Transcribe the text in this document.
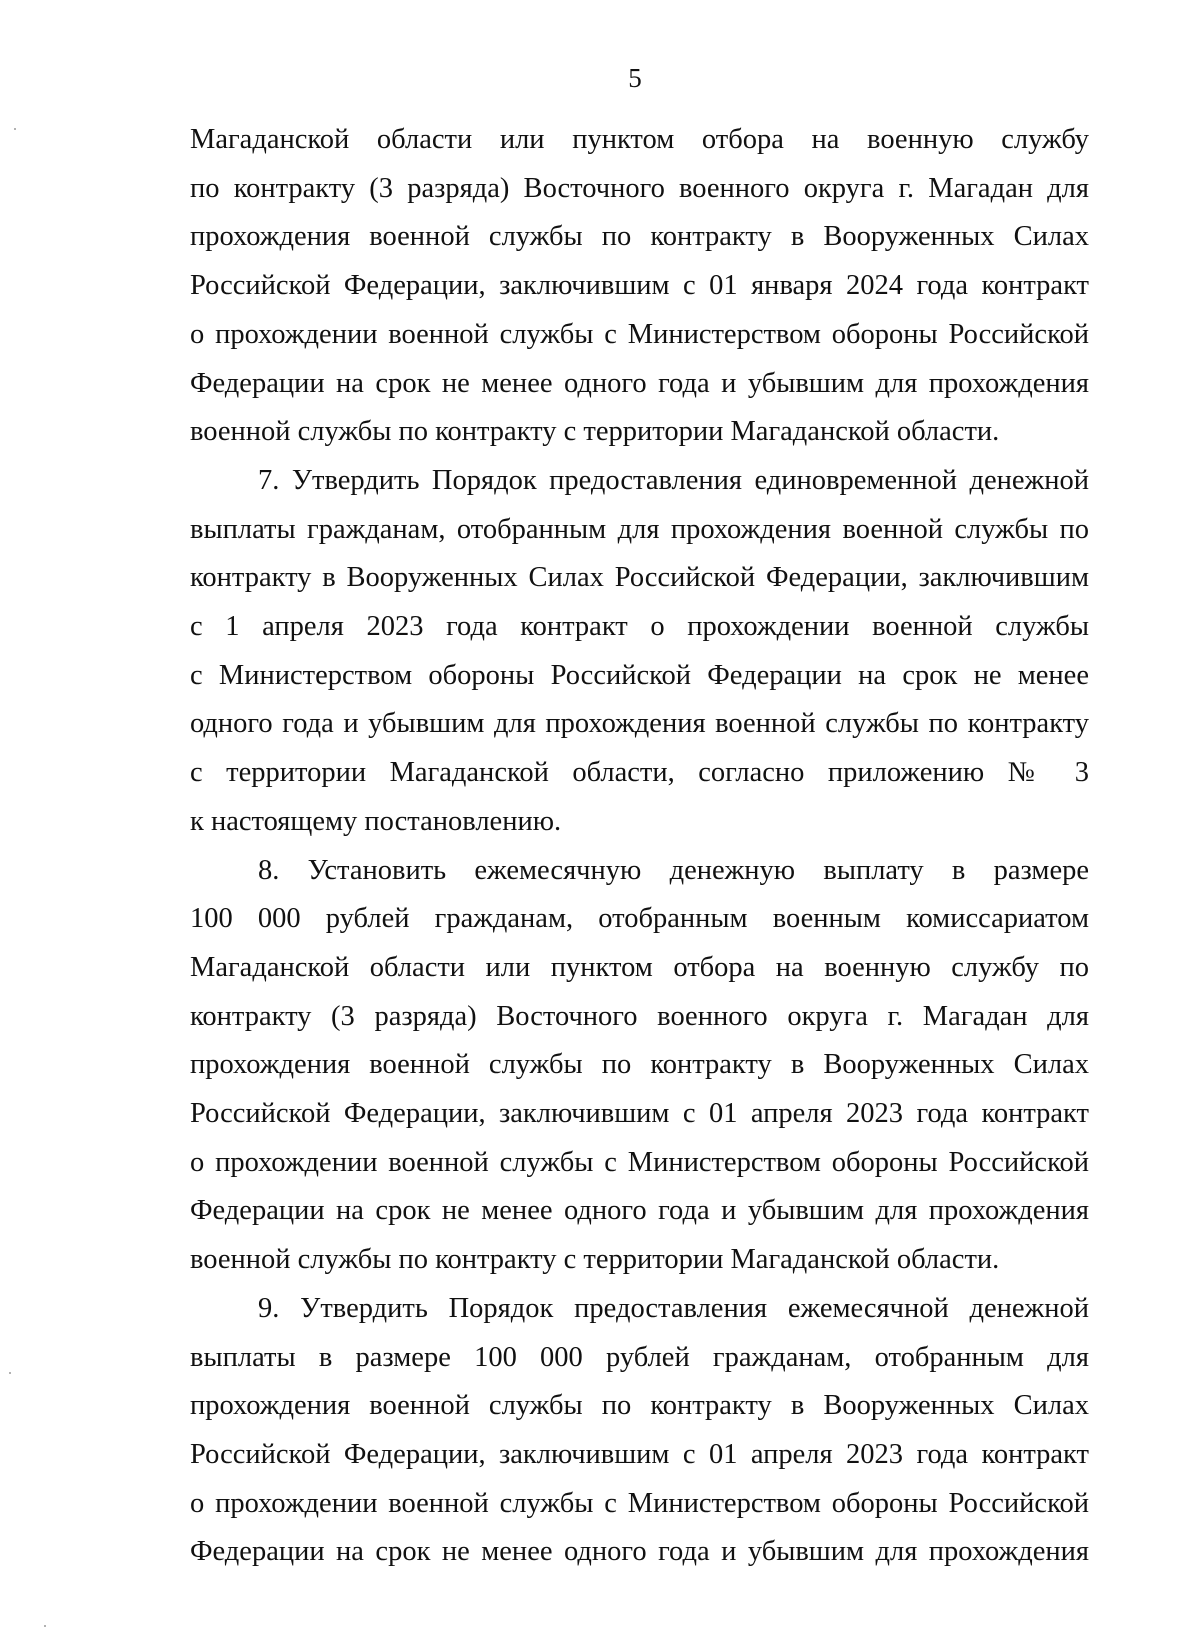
5
Магаданской области или пунктом отбора на военную службу
по контракту (3 разряда) Восточного военного округа г. Магадан для
прохождения военной службы по контракту в Вооруженных Силах
Российской Федерации, заключившим с 01 января 2024 года контракт
о прохождении военной службы с Министерством обороны Российской
Федерации на срок не менее одного года и убывшим для прохождения
военной службы по контракту с территории Магаданской области.
7. Утвердить Порядок предоставления единовременной денежной
выплаты гражданам, отобранным для прохождения военной службы по
контракту в Вооруженных Силах Российской Федерации, заключившим
с 1 апреля 2023 года контракт о прохождении военной службы
с Министерством обороны Российской Федерации на срок не менее
одного года и убывшим для прохождения военной службы по контракту
с территории Магаданской области, согласно приложению № 3
к настоящему постановлению.
8. Установить ежемесячную денежную выплату в размере
100 000 рублей гражданам, отобранным военным комиссариатом
Магаданской области или пунктом отбора на военную службу по
контракту (3 разряда) Восточного военного округа г. Магадан для
прохождения военной службы по контракту в Вооруженных Силах
Российской Федерации, заключившим с 01 апреля 2023 года контракт
о прохождении военной службы с Министерством обороны Российской
Федерации на срок не менее одного года и убывшим для прохождения
военной службы по контракту с территории Магаданской области.
9. Утвердить Порядок предоставления ежемесячной денежной
выплаты в размере 100 000 рублей гражданам, отобранным для
прохождения военной службы по контракту в Вооруженных Силах
Российской Федерации, заключившим с 01 апреля 2023 года контракт
о прохождении военной службы с Министерством обороны Российской
Федерации на срок не менее одного года и убывшим для прохождения
